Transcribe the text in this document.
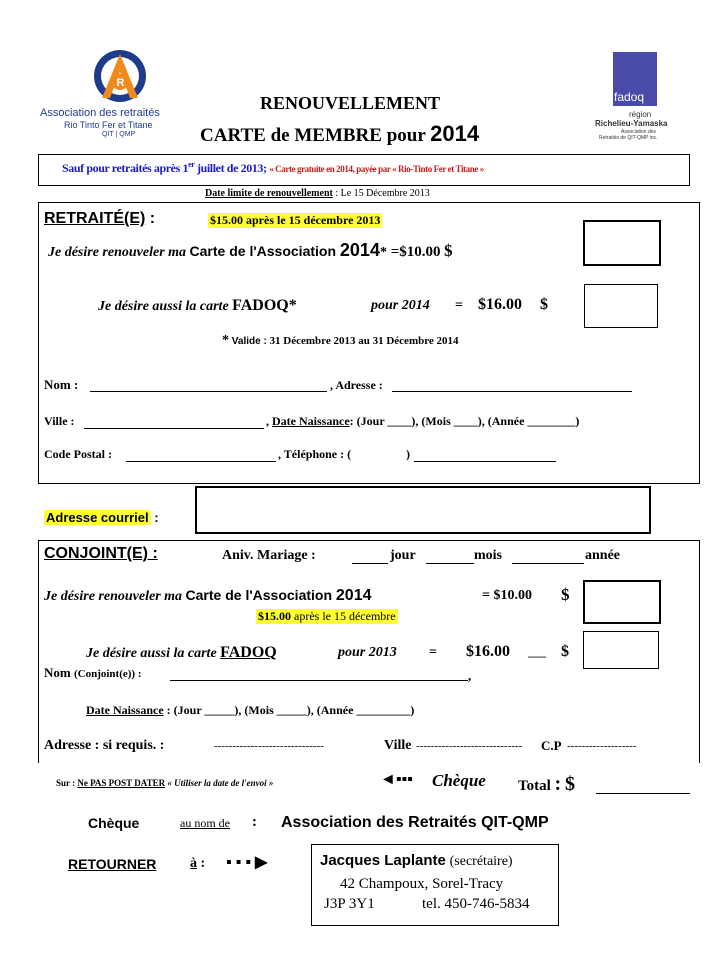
R
Association des retraités
Rio Tinto Fer et Titane
QIT | QMP
fadoq
région
Richelieu-Yamaska
Association des
Retraités de QIT-QMP inc.
RENOUVELLEMENT
CARTE de MEMBRE pour 2014
Sauf pour retraités après 1er juillet de 2013; « Carte gratuite en 2014, payée par « Rio-Tinto Fer et Titane »
Date limite de renouvellement : Le 15 Décembre 2013
RETRAITÉ(E) :	$15.00 après le 15 décembre 2013
Je désire renouveler ma Carte de l'Association 2014* =$10.00 $
Je désire aussi la carte FADOQ*	pour 2014 = $16.00 $
* Valide : 31 Décembre 2013 au 31 Décembre 2014
Nom :	, Adresse :
Ville :	, Date Naissance: (Jour ____), (Mois ____), (Année ________)
Code Postal :	, Téléphone : (	)
Adresse courriel :
CONJOINT(E) :	Aniv. Mariage :	jour	mois	année
Je désire renouveler ma Carte de l'Association 2014	= $10.00 $
$15.00 après le 15 décembre
Je désire aussi la carte FADOQ	pour 2013 = $16.00 ___ $
Nom (Conjoint(e)) :	,
Date Naissance : (Jour _____), (Mois _____), (Année _________)
Adresse : si requis. :	------------------------------	Ville ----------------------------- C.P -------------------
Sur : Ne PAS POST DATER « Utiliser la date de l'envoi »	◄▪▪▪ Chèque Total : $
Chèque	au nom de : Association des Retraités QIT-QMP
RETOURNER à : ▪ ▪ ▪ ▶	Jacques Laplante (secrétaire)
42 Champoux, Sorel-Tracy
J3P 3Y1	tel. 450-746-5834
